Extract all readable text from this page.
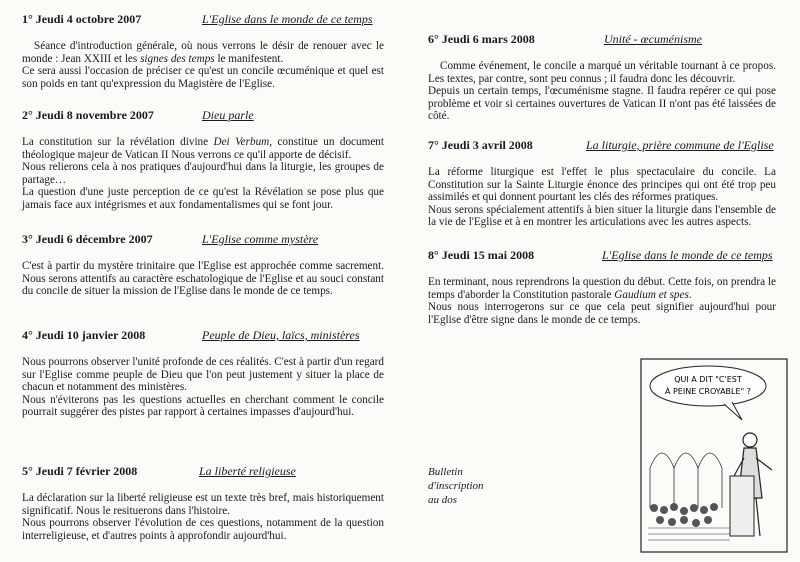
1° Jeudi 4 octobre 2007	L'Eglise dans le monde de ce temps

Séance d'introduction générale, où nous verrons le désir de renouer avec le monde : Jean XXIII et les signes des temps le manifestent.

Ce sera aussi l'occasion de préciser ce qu'est un concile œcuménique et quel est son poids en tant qu'expression du Magistère de l'Eglise.

2° Jeudi 8 novembre 2007	Dieu parle

La constitution sur la révélation divine Dei Verbum, constitue un document théologique majeur de Vatican II Nous verrons ce qu'il apporte de décisif.

Nous relierons cela à nos pratiques d'aujourd'hui dans la liturgie, les groupes de partage…

La question d'une juste perception de ce qu'est la Révélation se pose plus que jamais face aux intégrismes et aux fondamentalismes qui se font jour.

3° Jeudi 6 décembre 2007	L'Eglise comme mystère

C'est à partir du mystère trinitaire que l'Eglise est approchée comme sacrement. Nous serons attentifs au caractère eschatologique de l'Eglise et au souci constant du concile de situer la mission de l'Eglise dans le monde de ce temps.

4° Jeudi 10 janvier 2008	Peuple de Dieu, laïcs, ministères

Nous pourrons observer l'unité profonde de ces réalités. C'est à partir d'un regard sur l'Eglise comme peuple de Dieu que l'on peut justement y situer la place de chacun et notamment des ministères.

Nous n'éviterons pas les questions actuelles en cherchant comment le concile pourrait suggérer des pistes par rapport à certaines impasses d'aujourd'hui.

5° Jeudi 7 février 2008	La liberté religieuse

La déclaration sur la liberté religieuse est un texte très bref, mais historiquement significatif. Nous le resituerons dans l'histoire.

Nous pourrons observer l'évolution de ces questions, notamment de la question interreligieuse, et d'autres points à approfondir aujourd'hui.

6° Jeudi 6 mars 2008	Unité - œcuménisme

Comme événement, le concile a marqué un véritable tournant à ce propos. Les textes, par contre, sont peu connus ; il faudra donc les découvrir.

Depuis un certain temps, l'œcuménisme stagne. Il faudra repérer ce qui pose problème et voir si certaines ouvertures de Vatican II n'ont pas été laissées de côté.

7° Jeudi 3 avril 2008	La liturgie, prière commune de l'Eglise

La réforme liturgique est l'effet le plus spectaculaire du concile. La Constitution sur la Sainte Liturgie énonce des principes qui ont été trop peu assimilés et qui donnent pourtant les clés des réformes pratiques.

Nous serons spécialement attentifs à bien situer la liturgie dans l'ensemble de la vie de l'Eglise et à en montrer les articulations avec les autres aspects.

8° Jeudi 15 mai 2008	L'Eglise dans le monde de ce temps

En terminant, nous reprendrons la question du début. Cette fois, on prendra le temps d'aborder la Constitution pastorale Gaudium et spes.

Nous nous interrogerons sur ce que cela peut signifier aujourd'hui pour l'Eglise d'être signe dans le monde de ce temps.

Bulletin
d'inscription
au dos
QUI A DIT "C'EST
À PEINE CROYABLE" ?
